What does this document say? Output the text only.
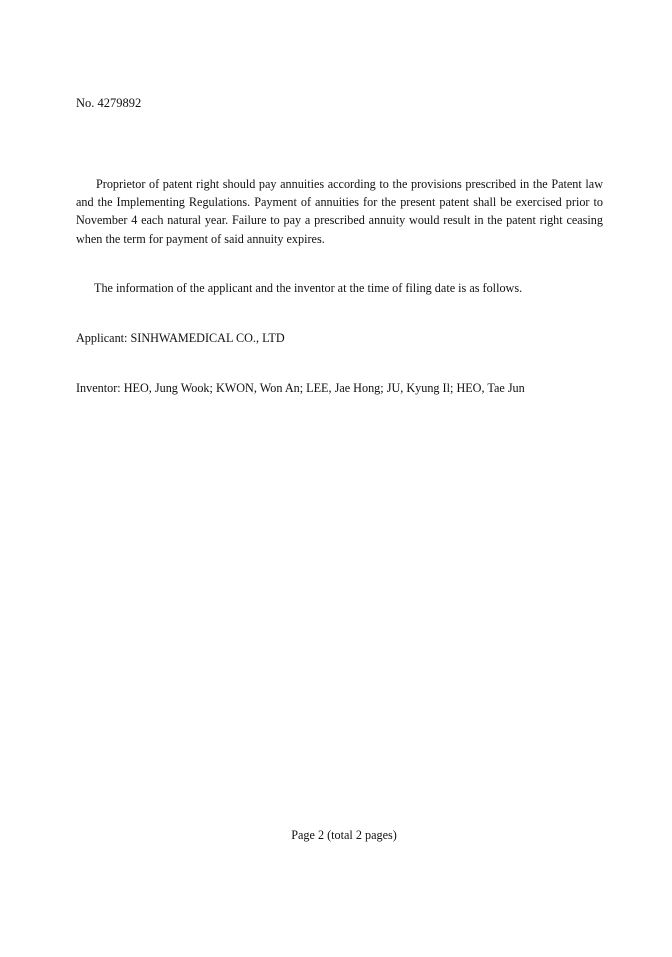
No. 4279892

Proprietor of patent right should pay annuities according to the provisions prescribed in the Patent law and the Implementing Regulations. Payment of annuities for the present patent shall be exercised prior to November 4 each natural year. Failure to pay a prescribed annuity would result in the patent right ceasing when the term for payment of said annuity expires.

The information of the applicant and the inventor at the time of filing date is as follows.

Applicant: SINHWAMEDICAL CO., LTD

Inventor: HEO, Jung Wook; KWON, Won An; LEE, Jae Hong; JU, Kyung Il; HEO, Tae Jun

Page 2 (total 2 pages)
